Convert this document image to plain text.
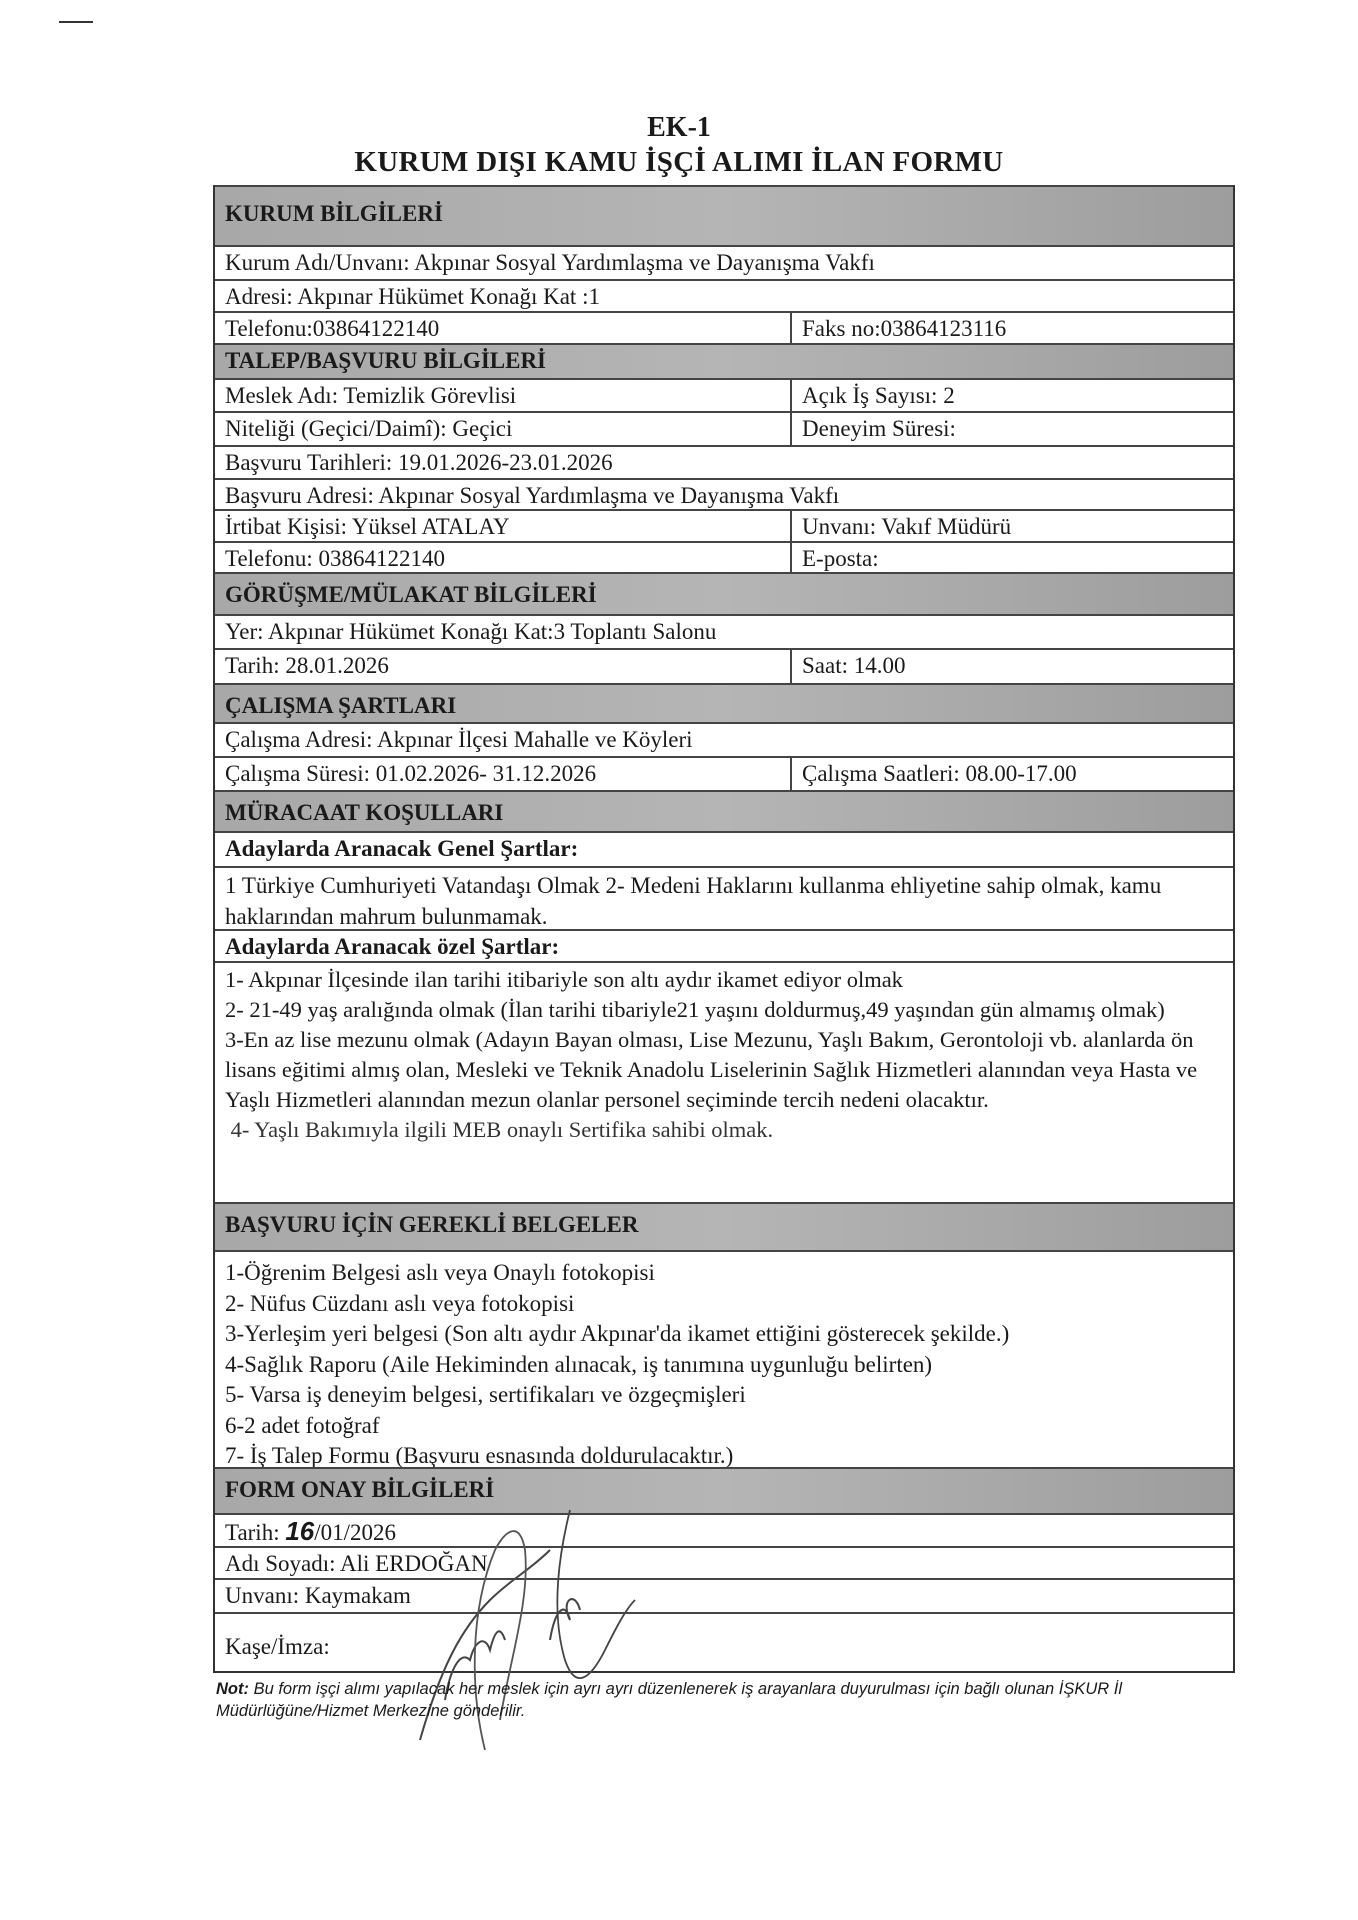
EK-1
KURUM DIŞI KAMU İŞÇİ ALIMI İLAN FORMU
KURUM BİLGİLERİ
Kurum Adı/Unvanı: Akpınar Sosyal Yardımlaşma ve Dayanışma Vakfı
Adresi: Akpınar Hükümet Konağı Kat :1
Telefonu:03864122140	Faks no:03864123116
TALEP/BAŞVURU BİLGİLERİ
Meslek Adı: Temizlik Görevlisi	Açık İş Sayısı: 2
Niteliği (Geçici/Daimî): Geçici	Deneyim Süresi:
Başvuru Tarihleri: 19.01.2026-23.01.2026
Başvuru Adresi: Akpınar Sosyal Yardımlaşma ve Dayanışma Vakfı
İrtibat Kişisi: Yüksel ATALAY	Unvanı: Vakıf Müdürü
Telefonu: 03864122140	E-posta:
GÖRÜŞME/MÜLAKAT BİLGİLERİ
Yer: Akpınar Hükümet Konağı Kat:3 Toplantı Salonu
Tarih: 28.01.2026	Saat: 14.00
ÇALIŞMA ŞARTLARI
Çalışma Adresi: Akpınar İlçesi Mahalle ve Köyleri
Çalışma Süresi: 01.02.2026- 31.12.2026	Çalışma Saatleri: 08.00-17.00
MÜRACAAT KOŞULLARI
Adaylarda Aranacak Genel Şartlar:
1 Türkiye Cumhuriyeti Vatandaşı Olmak 2- Medeni Haklarını kullanma ehliyetine sahip olmak, kamu haklarından mahrum bulunmamak.
Adaylarda Aranacak özel Şartlar:
1- Akpınar İlçesinde ilan tarihi itibariyle son altı aydır ikamet ediyor olmak
2- 21-49 yaş aralığında olmak (İlan tarihi tibariyle21 yaşını doldurmuş,49 yaşından gün almamış olmak)
3-En az lise mezunu olmak (Adayın Bayan olması, Lise Mezunu, Yaşlı Bakım, Gerontoloji vb. alanlarda ön lisans eğitimi almış olan, Mesleki ve Teknik Anadolu Liselerinin Sağlık Hizmetleri alanından veya Hasta ve Yaşlı Hizmetleri alanından mezun olanlar personel seçiminde tercih nedeni olacaktır.
4- Yaşlı Bakımıyla ilgili MEB onaylı Sertifika sahibi olmak.
BAŞVURU İÇİN GEREKLİ BELGELER
1-Öğrenim Belgesi aslı veya Onaylı fotokopisi
2- Nüfus Cüzdanı aslı veya fotokopisi
3-Yerleşim yeri belgesi (Son altı aydır Akpınar'da ikamet ettiğini gösterecek şekilde.)
4-Sağlık Raporu (Aile Hekiminden alınacak, iş tanımına uygunluğu belirten)
5- Varsa iş deneyim belgesi, sertifikaları ve özgeçmişleri
6-2 adet fotoğraf
7- İş Talep Formu (Başvuru esnasında doldurulacaktır.)
FORM ONAY BİLGİLERİ
Tarih: 16/01/2026
Adı Soyadı: Ali ERDOĞAN
Unvanı: Kaymakam
Kaşe/İmza:
Not: Bu form işçi alımı yapılacak her meslek için ayrı ayrı düzenlenerek iş arayanlara duyurulması için bağlı olunan İŞKUR İl Müdürlüğüne/Hizmet Merkezine gönderilir.
